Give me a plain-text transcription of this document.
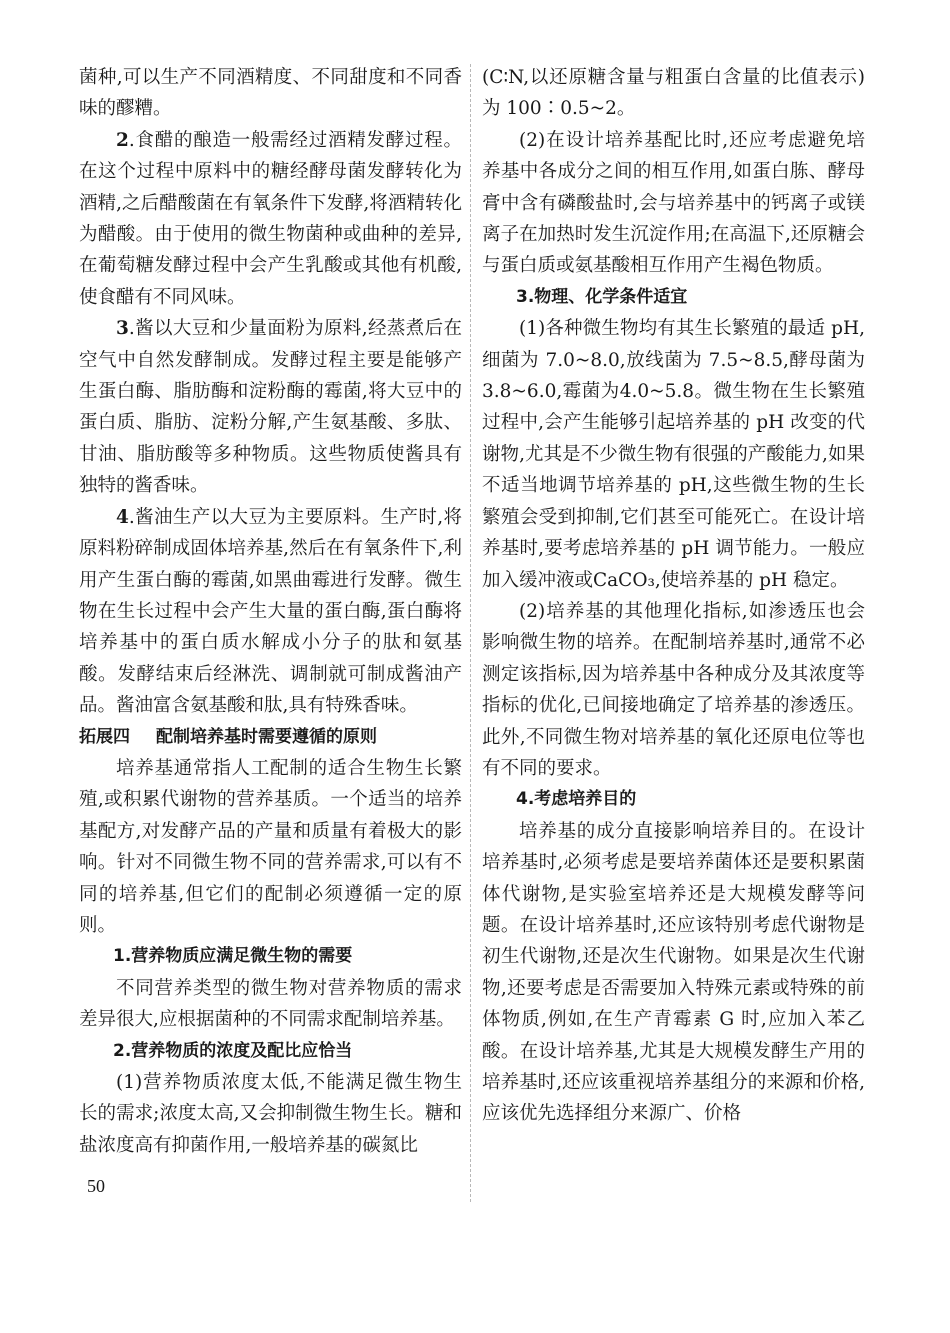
菌种,可以生产不同酒精度、不同甜度和不同香味的醪糟。

2.食醋的酿造一般需经过酒精发酵过程。在这个过程中原料中的糖经酵母菌发酵转化为酒精,之后醋酸菌在有氧条件下发酵,将酒精转化为醋酸。由于使用的微生物菌种或曲种的差异,在葡萄糖发酵过程中会产生乳酸或其他有机酸,使食醋有不同风味。

3.酱以大豆和少量面粉为原料,经蒸煮后在空气中自然发酵制成。发酵过程主要是能够产生蛋白酶、脂肪酶和淀粉酶的霉菌,将大豆中的蛋白质、脂肪、淀粉分解,产生氨基酸、多肽、甘油、脂肪酸等多种物质。这些物质使酱具有独特的酱香味。

4.酱油生产以大豆为主要原料。生产时,将原料粉碎制成固体培养基,然后在有氧条件下,利用产生蛋白酶的霉菌,如黑曲霉进行发酵。微生物在生长过程中会产生大量的蛋白酶,蛋白酶将培养基中的蛋白质水解成小分子的肽和氨基酸。发酵结束后经淋洗、调制就可制成酱油产品。酱油富含氨基酸和肽,具有特殊香味。

拓展四 配制培养基时需要遵循的原则

培养基通常指人工配制的适合生物生长繁殖,或积累代谢物的营养基质。一个适当的培养基配方,对发酵产品的产量和质量有着极大的影响。针对不同微生物不同的营养需求,可以有不同的培养基,但它们的配制必须遵循一定的原则。

1.营养物质应满足微生物的需要

不同营养类型的微生物对营养物质的需求差异很大,应根据菌种的不同需求配制培养基。

2.营养物质的浓度及配比应恰当

(1)营养物质浓度太低,不能满足微生物生长的需求;浓度太高,又会抑制微生物生长。糖和盐浓度高有抑菌作用,一般培养基的碳氮比

(C∶N,以还原糖含量与粗蛋白含量的比值表示)为 100∶0.5~2。

(2)在设计培养基配比时,还应考虑避免培养基中各成分之间的相互作用,如蛋白胨、酵母膏中含有磷酸盐时,会与培养基中的钙离子或镁离子在加热时发生沉淀作用;在高温下,还原糖会与蛋白质或氨基酸相互作用产生褐色物质。

3.物理、化学条件适宜

(1)各种微生物均有其生长繁殖的最适 pH,细菌为 7.0~8.0,放线菌为 7.5~8.5,酵母菌为 3.8~6.0,霉菌为4.0~5.8。微生物在生长繁殖过程中,会产生能够引起培养基的 pH 改变的代谢物,尤其是不少微生物有很强的产酸能力,如果不适当地调节培养基的 pH,这些微生物的生长繁殖会受到抑制,它们甚至可能死亡。在设计培养基时,要考虑培养基的 pH 调节能力。一般应加入缓冲液或CaCO₃,使培养基的 pH 稳定。

(2)培养基的其他理化指标,如渗透压也会影响微生物的培养。在配制培养基时,通常不必测定该指标,因为培养基中各种成分及其浓度等指标的优化,已间接地确定了培养基的渗透压。此外,不同微生物对培养基的氧化还原电位等也有不同的要求。

4.考虑培养目的

培养基的成分直接影响培养目的。在设计培养基时,必须考虑是要培养菌体还是要积累菌体代谢物,是实验室培养还是大规模发酵等问题。在设计培养基时,还应该特别考虑代谢物是初生代谢物,还是次生代谢物。如果是次生代谢物,还要考虑是否需要加入特殊元素或特殊的前体物质,例如,在生产青霉素 G 时,应加入苯乙酸。在设计培养基,尤其是大规模发酵生产用的培养基时,还应该重视培养基组分的来源和价格,应该优先选择组分来源广、价格

50
